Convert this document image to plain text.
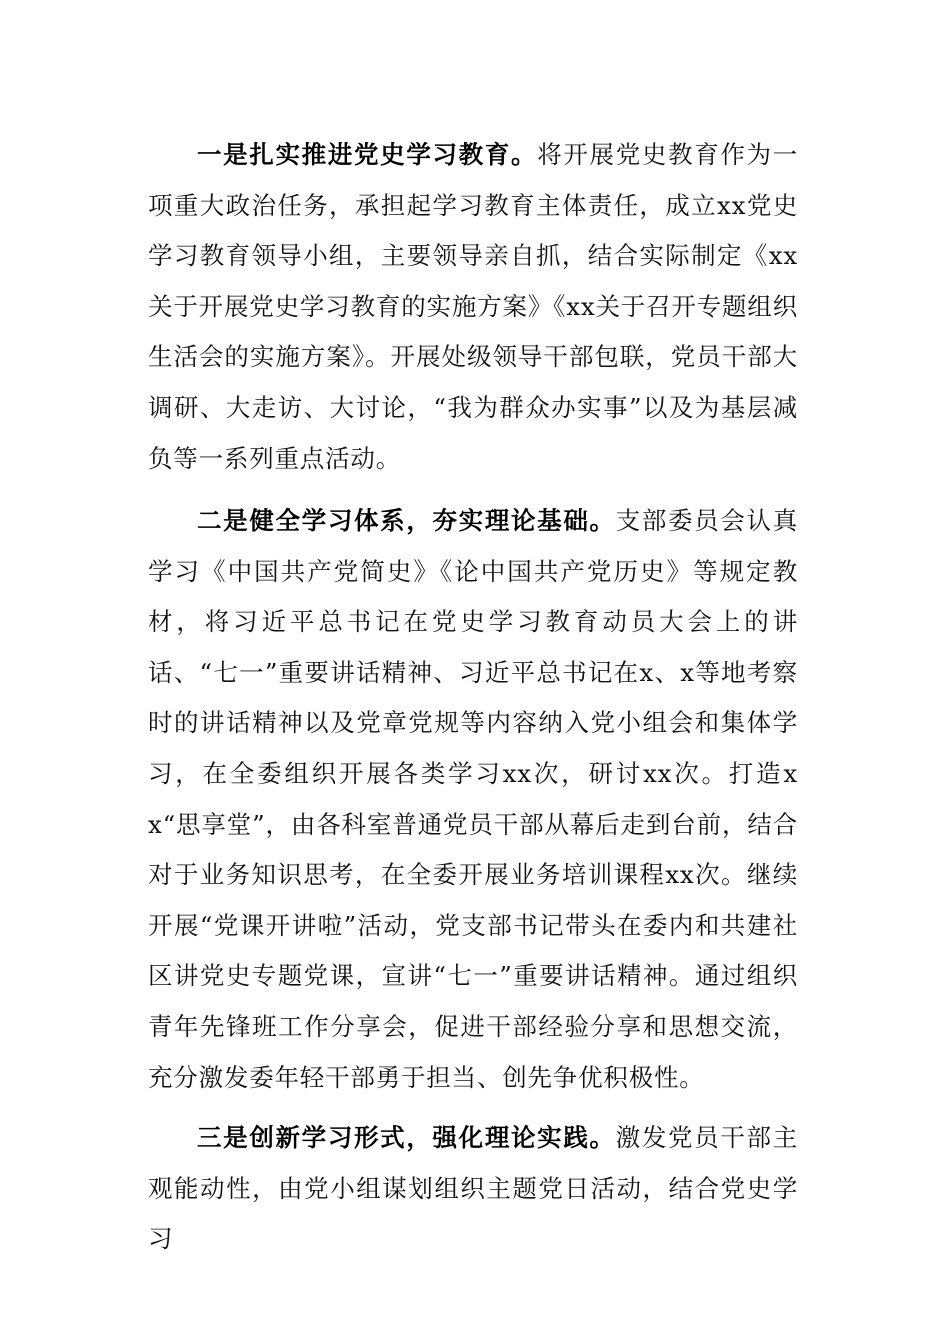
一是扎实推进党史学习教育。将开展党史教育作为一项重大政治任务，承担起学习教育主体责任，成立xx党史学习教育领导小组，主要领导亲自抓，结合实际制定《xx关于开展党史学习教育的实施方案》《xx关于召开专题组织生活会的实施方案》。开展处级领导干部包联，党员干部大调研、大走访、大讨论，“我为群众办实事”以及为基层减负等一系列重点活动。

二是健全学习体系，夯实理论基础。支部委员会认真学习《中国共产党简史》《论中国共产党历史》等规定教材，将习近平总书记在党史学习教育动员大会上的讲话、“七一”重要讲话精神、习近平总书记在x、x等地考察时的讲话精神以及党章党规等内容纳入党小组会和集体学习，在全委组织开展各类学习xx次，研讨xx次。打造xx“思享堂”，由各科室普通党员干部从幕后走到台前，结合对于业务知识思考，在全委开展业务培训课程xx次。继续开展“党课开讲啦”活动，党支部书记带头在委内和共建社区讲党史专题党课，宣讲“七一”重要讲话精神。通过组织青年先锋班工作分享会，促进干部经验分享和思想交流，充分激发委年轻干部勇于担当、创先争优积极性。

三是创新学习形式，强化理论实践。激发党员干部主观能动性，由党小组谋划组织主题党日活动，结合党史学习
